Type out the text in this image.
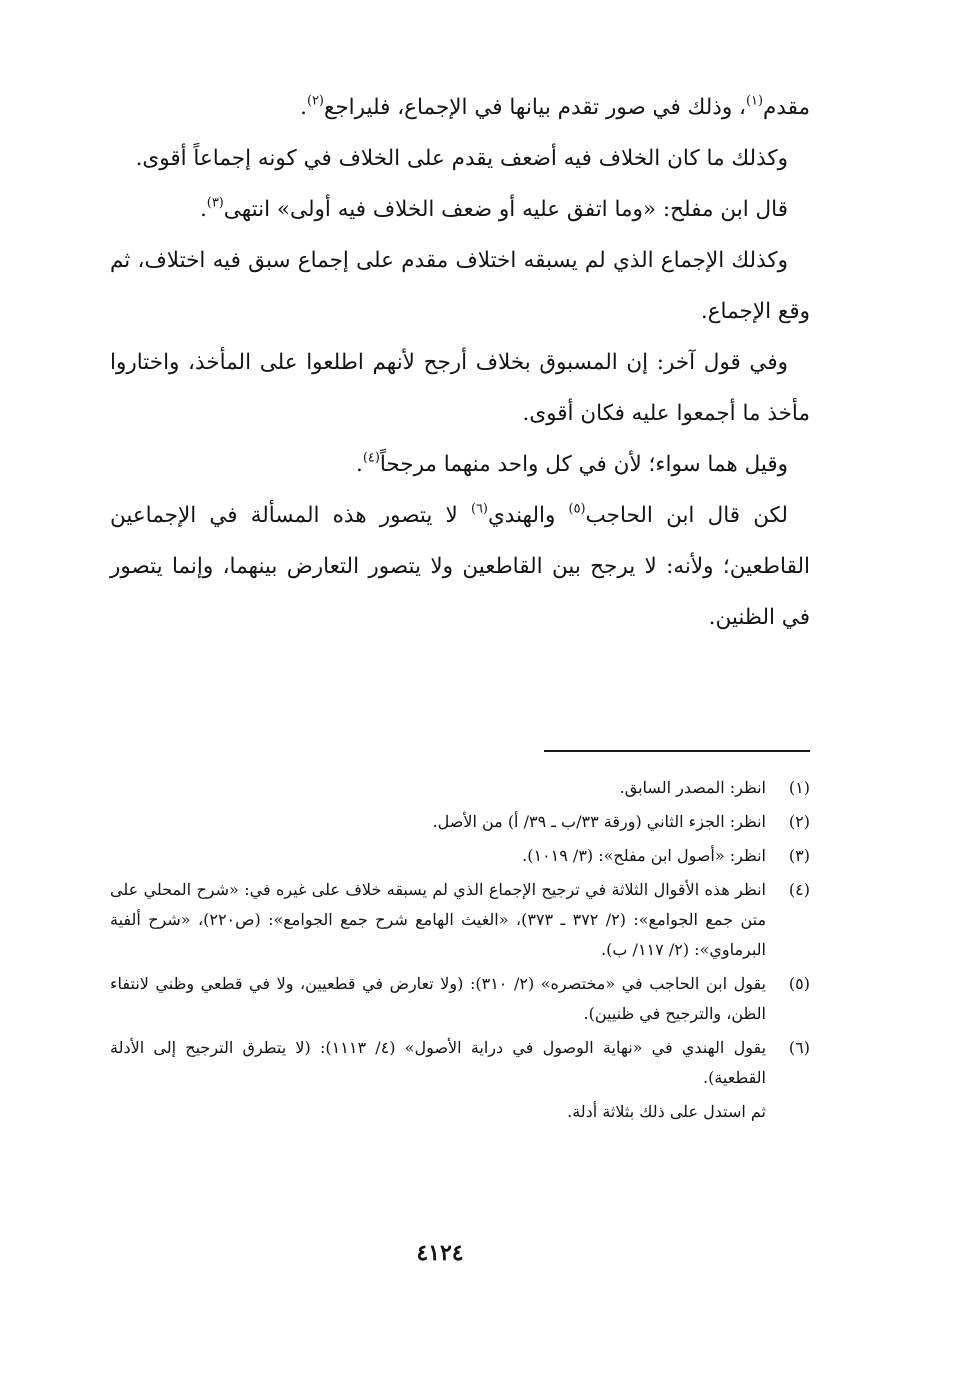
مقدم$^{(١)}$، وذلك في صور تقدم بيانها في الإجماع، فليراجع$^{(٢)}$.

وكذلك ما كان الخلاف فيه أضعف يقدم على الخلاف في كونه إجماعاً أقوى.

قال ابن مفلح: «وما اتفق عليه أو ضعف الخلاف فيه أولى» انتهى$^{(٣)}$.

وكذلك الإجماع الذي لم يسبقه اختلاف مقدم على إجماع سبق فيه اختلاف، ثم وقع الإجماع.

وفي قول آخر: إن المسبوق بخلاف أرجح لأنهم اطلعوا على المأخذ، واختاروا مأخذ ما أجمعوا عليه فكان أقوى.

وقيل هما سواء؛ لأن في كل واحد منهما مرجحاً$^{(٤)}$.

لكن قال ابن الحاجب$^{(٥)}$ والهندي$^{(٦)}$ لا يتصور هذه المسألة في الإجماعين القاطعين؛ ولأنه: لا يرجح بين القاطعين ولا يتصور التعارض بينهما، وإنما يتصور في الظنين.

(١)
انظر: المصدر السابق.
(٢)
انظر: الجزء الثاني (ورقة ٣٣/ب ـ ٣٩/ أ) من الأصل.
(٣)
انظر: «أصول ابن مفلح»: (٣/ ١٠١٩).
(٤)
انظر هذه الأقوال الثلاثة في ترجيح الإجماع الذي لم يسبقه خلاف على غيره في: «شرح المحلي على متن جمع الجوامع»: (٢/ ٣٧٢ ـ ٣٧٣)، «الغيث الهامع شرح جمع الجوامع»: (ص٢٢٠)، «شرح ألفية البرماوي»: (٢/ ١١٧/ ب).
(٥)
يقول ابن الحاجب في «مختصره» (٢/ ٣١٠): (ولا تعارض في قطعيين، ولا في قطعي وظني لانتفاء الظن، والترجيح في ظنيين).
(٦)
يقول الهندي في «نهاية الوصول في دراية الأصول» (٤/ ١١١٣): (لا يتطرق الترجيح إلى الأدلة القطعية).
ثم استدل على ذلك بثلاثة أدلة.
٤١٢٤
